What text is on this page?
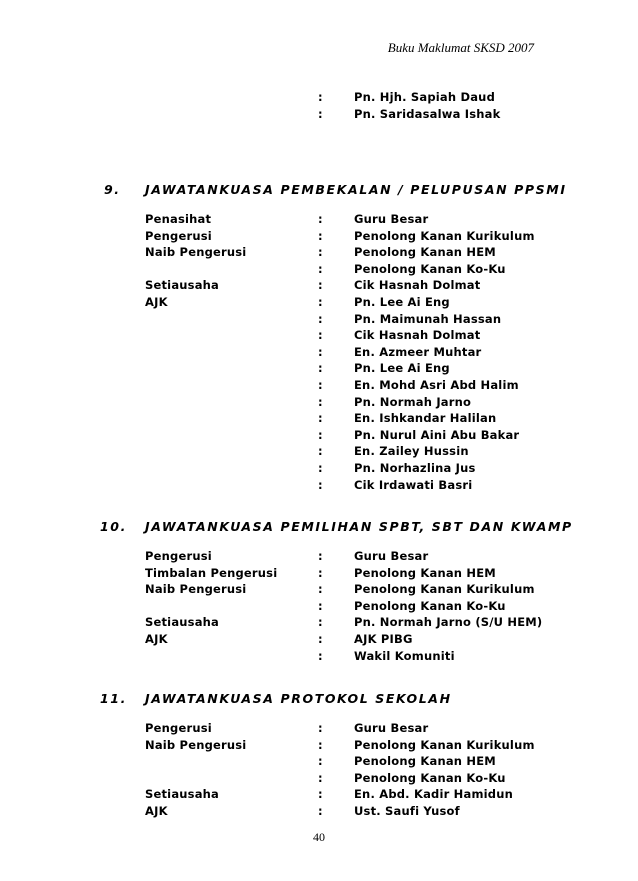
Buku Maklumat SKSD 2007
:	Pn. Hjh. Sapiah Daud
:	Pn. Saridasalwa Ishak
9. JAWATANKUASA PEMBEKALAN / PELUPUSAN PPSMI
Penasihat	:	Guru Besar
Pengerusi	:	Penolong Kanan Kurikulum
Naib Pengerusi	:	Penolong Kanan HEM
:	Penolong Kanan Ko-Ku
Setiausaha	:	Cik Hasnah Dolmat
AJK	:	Pn. Lee Ai Eng
:	Pn. Maimunah Hassan
:	Cik Hasnah Dolmat
:	En. Azmeer Muhtar
:	Pn. Lee Ai Eng
:	En. Mohd Asri Abd Halim
:	Pn. Normah Jarno
:	En. Ishkandar Halilan
:	Pn. Nurul Aini Abu Bakar
:	En. Zailey Hussin
:	Pn. Norhazlina Jus
:	Cik Irdawati Basri
10. JAWATANKUASA PEMILIHAN SPBT, SBT DAN KWAMP
Pengerusi	:	Guru Besar
Timbalan Pengerusi	:	Penolong Kanan HEM
Naib Pengerusi	:	Penolong Kanan Kurikulum
:	Penolong Kanan Ko-Ku
Setiausaha	:	Pn. Normah Jarno (S/U HEM)
AJK	:	AJK PIBG
:	Wakil Komuniti
11. JAWATANKUASA PROTOKOL SEKOLAH
Pengerusi	:	Guru Besar
Naib Pengerusi	:	Penolong Kanan Kurikulum
:	Penolong Kanan HEM
:	Penolong Kanan Ko-Ku
Setiausaha	:	En. Abd. Kadir Hamidun
AJK	:	Ust. Saufi Yusof
40
